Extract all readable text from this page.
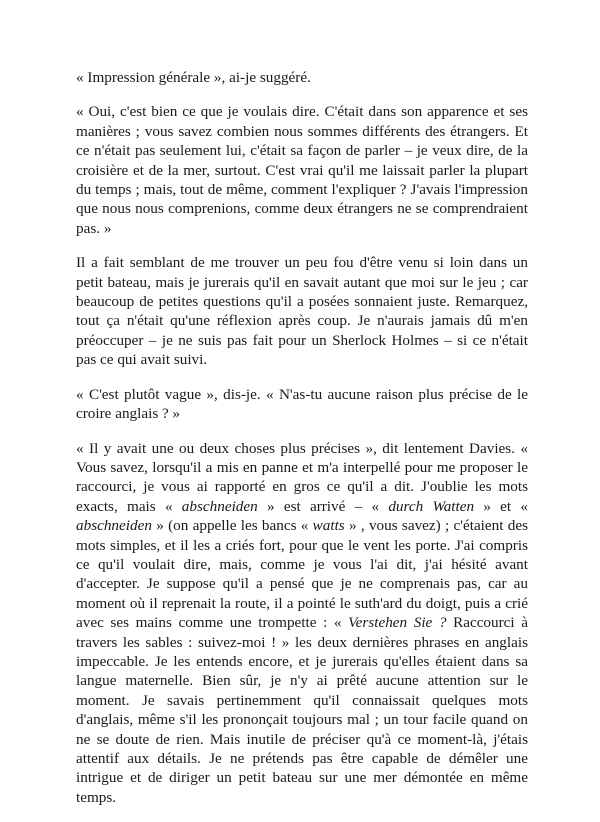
« Impression générale », ai-je suggéré.

« Oui, c'est bien ce que je voulais dire. C'était dans son apparence et ses manières ; vous savez combien nous sommes différents des étrangers. Et ce n'était pas seulement lui, c'était sa façon de parler – je veux dire, de la croisière et de la mer, surtout. C'est vrai qu'il me laissait parler la plupart du temps ; mais, tout de même, comment l'expliquer ? J'avais l'impression que nous nous comprenions, comme deux étrangers ne se comprendraient pas. »

Il a fait semblant de me trouver un peu fou d'être venu si loin dans un petit bateau, mais je jurerais qu'il en savait autant que moi sur le jeu ; car beaucoup de petites questions qu'il a posées sonnaient juste. Remarquez, tout ça n'était qu'une réflexion après coup. Je n'aurais jamais dû m'en préoccuper – je ne suis pas fait pour un Sherlock Holmes – si ce n'était pas ce qui avait suivi.

« C'est plutôt vague », dis-je. « N'as-tu aucune raison plus précise de le croire anglais ? »

« Il y avait une ou deux choses plus précises », dit lentement Davies. « Vous savez, lorsqu'il a mis en panne et m'a interpellé pour me proposer le raccourci, je vous ai rapporté en gros ce qu'il a dit. J'oublie les mots exacts, mais « abschneiden » est arrivé – « durch Watten » et « abschneiden » (on appelle les bancs « watts » , vous savez) ; c'étaient des mots simples, et il les a criés fort, pour que le vent les porte. J'ai compris ce qu'il voulait dire, mais, comme je vous l'ai dit, j'ai hésité avant d'accepter. Je suppose qu'il a pensé que je ne comprenais pas, car au moment où il reprenait la route, il a pointé le suth'ard du doigt, puis a crié avec ses mains comme une trompette : « Verstehen Sie ? Raccourci à travers les sables : suivez-moi ! » les deux dernières phrases en anglais impeccable. Je les entends encore, et je jurerais qu'elles étaient dans sa langue maternelle. Bien sûr, je n'y ai prêté aucune attention sur le moment. Je savais pertinemment qu'il connaissait quelques mots d'anglais, même s'il les prononçait toujours mal ; un tour facile quand on ne se doute de rien. Mais inutile de préciser qu'à ce moment-là, j'étais attentif aux détails. Je ne prétends pas être capable de démêler une intrigue et de diriger un petit bateau sur une mer démontée en même temps.
